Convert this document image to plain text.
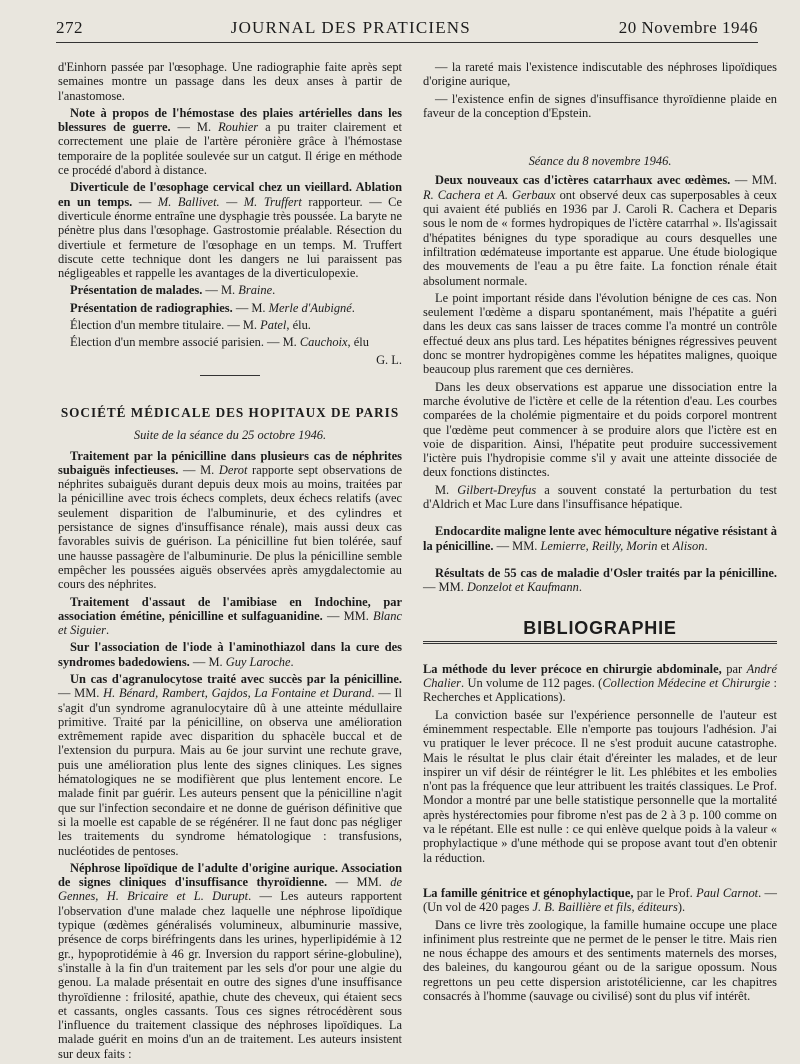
272	JOURNAL DES PRATICIENS	20 Novembre 1946

d'Einhorn passée par l'œsophage. Une radiographie faite après sept semaines montre un passage dans les deux anses à partir de l'anastomose.

Note à propos de l'hémostase des plaies artérielles dans les blessures de guerre. — M. Rouhier a pu traiter clairement et correctement une plaie de l'artère péronière grâce à l'hémostase temporaire de la poplitée soulevée sur un catgut. Il érige en méthode ce procédé d'abord à distance.

Diverticule de l'œsophage cervical chez un vieillard. Ablation en un temps. — M. Ballivet. — M. Truffert rapporteur. — Ce diverticule énorme entraîne une dysphagie très poussée. La baryte ne pénètre plus dans l'œsophage. Gastrostomie préalable. Résection du divertiule et fermeture de l'œsophage en un temps. M. Truffert discute cette technique dont les dangers ne lui paraissent pas négligeables et rappelle les avantages de la diverticulopexie.

Présentation de malades. — M. Braine.

Présentation de radiographies. — M. Merle d'Aubigné.

Élection d'un membre titulaire. — M. Patel, élu.

Élection d'un membre associé parisien. — M. Cauchoix, élu

G. L.
SOCIÉTÉ MÉDICALE DES HOPITAUX DE PARIS
Suite de la séance du 25 octobre 1946.

Traitement par la pénicilline dans plusieurs cas de néphrites subaiguës infectieuses. — M. Derot rapporte sept observations de néphrites subaiguës durant depuis deux mois au moins, traitées par la pénicilline avec trois échecs complets, deux échecs relatifs (avec seulement disparition de l'albuminurie, et des cylindres et persistance de signes d'insuffisance rénale), mais aussi deux cas favorables suivis de guérison. La pénicilline fut bien tolérée, sauf une hausse passagère de l'albuminurie. De plus la pénicilline semble empêcher les poussées aiguës observées après amygdalectomie au cours des néphrites.

Traitement d'assaut de l'amibiase en Indochine, par association émétine, pénicilline et sulfaguanidine. — MM. Blanc et Siguier.

Sur l'association de l'iode à l'aminothiazol dans la cure des syndromes badedowiens. — M. Guy Laroche.

Un cas d'agranulocytose traité avec succès par la pénicilline. — MM. H. Bénard, Rambert, Gajdos, La Fontaine et Durand. — Il s'agit d'un syndrome agranulocytaire dû à une atteinte médullaire primitive. Traité par la pénicilline, on observa une amélioration extrêmement rapide avec disparition du sphacèle buccal et de l'extension du purpura. Mais au 6e jour survint une rechute grave, puis une amélioration plus lente des signes cliniques. Les signes hématologiques ne se modifièrent que plus lentement encore. Le malade finit par guérir. Les auteurs pensent que la pénicilline n'agit que sur l'infection secondaire et ne donne de guérison définitive que si la moelle est capable de se régénérer. Il ne faut donc pas négliger les traitements du syndrome hématologique : transfusions, nucléotides de pentoses.

Néphrose lipoïdique de l'adulte d'origine aurique. Association de signes cliniques d'insuffisance thyroïdienne. — MM. de Gennes, H. Bricaire et L. Durupt. — Les auteurs rapportent l'observation d'une malade chez laquelle une néphrose lipoïdique typique (œdèmes généralisés volumineux, albuminurie massive, présence de corps biréfringents dans les urines, hyperlipidémie à 12 gr., hypoprotidémie à 46 gr. Inversion du rapport sérine-globuline), s'installe à la fin d'un traitement par les sels d'or pour une algie du genou. La malade présentait en outre des signes d'une insuffisance thyroïdienne : frilosité, apathie, chute des cheveux, qui étaient secs et cassants, ongles cassants. Tous ces signes rétrocédèrent sous l'influence du traitement classique des néphroses lipoïdiques. La malade guérit en moins d'un an de traitement. Les auteurs insistent sur deux faits :

— la rareté mais l'existence indiscutable des néphroses lipoïdiques d'origine aurique,

— l'existence enfin de signes d'insuffisance thyroïdienne plaide en faveur de la conception d'Epstein.

Séance du 8 novembre 1946.

Deux nouveaux cas d'ictères catarrhaux avec œdèmes. — MM. R. Cachera et A. Gerbaux ont observé deux cas superposables à ceux qui avaient été publiés en 1936 par J. Caroli R. Cachera et Deparis sous le nom de « formes hydropiques de l'ictère catarrhal ». Ils'agissait d'hépatites bénignes du type sporadique au cours desquelles une infiltration œdémateuse importante est apparue. Une étude biologique des mouvements de l'eau a pu être faite. La fonction rénale était absolument normale.

Le point important réside dans l'évolution bénigne de ces cas. Non seulement l'œdème a disparu spontanément, mais l'hépatite a guéri dans les deux cas sans laisser de traces comme l'a montré un contrôle effectué deux ans plus tard. Les hépatites bénignes régressives peuvent donc se montrer hydropigènes comme les hépatites malignes, quoique beaucoup plus rarement que ces dernières.

Dans les deux observations est apparue une dissociation entre la marche évolutive de l'ictère et celle de la rétention d'eau. Les courbes comparées de la cholémie pigmentaire et du poids corporel montrent que l'œdème peut commencer à se produire alors que l'ictère est en voie de disparition. Ainsi, l'hépatite peut produire successivement l'ictère puis l'hydropisie comme s'il y avait une atteinte dissociée de deux fonctions distinctes.

M. Gilbert-Dreyfus a souvent constaté la perturbation du test d'Aldrich et Mac Lure dans l'insuffisance hépatique.

Endocardite maligne lente avec hémoculture négative résistant à la pénicilline. — MM. Lemierre, Reilly, Morin et Alison.

Résultats de 55 cas de maladie d'Osler traités par la pénicilline. — MM. Donzelot et Kaufmann.

BIBLIOGRAPHIE

La méthode du lever précoce en chirurgie abdominale, par André Chalier. Un volume de 112 pages. (Collection Médecine et Chirurgie : Recherches et Applications).

La conviction basée sur l'expérience personnelle de l'auteur est éminemment respectable. Elle n'emporte pas toujours l'adhésion. J'ai vu pratiquer le lever précoce. Il ne s'est produit aucune catastrophe. Mais le résultat le plus clair était d'éreinter les malades, et de leur inspirer un vif désir de réintégrer le lit. Les phlébites et les embolies n'ont pas la fréquence que leur attribuent les traités classiques. Le Prof. Mondor a montré par une belle statistique personnelle que la mortalité après hystérectomies pour fibrome n'est pas de 2 à 3 p. 100 comme on va le répétant. Elle est nulle : ce qui enlève quelque poids à la valeur « prophylactique » d'une méthode qui se propose avant tout d'en obtenir la réduction.

La famille génitrice et génophylactique, par le Prof. Paul Carnot. — (Un vol de 420 pages J. B. Baillière et fils, éditeurs).

Dans ce livre très zoologique, la famille humaine occupe une place infiniment plus restreinte que ne permet de le penser le titre. Mais rien ne nous échappe des amours et des sentiments maternels des morses, des baleines, du kangourou géant ou de la sarigue opossum. Nous regrettons un peu cette dispersion aristotélicienne, car les chapitres consacrés à l'homme (sauvage ou civilisé) sont du plus vif intérêt.
